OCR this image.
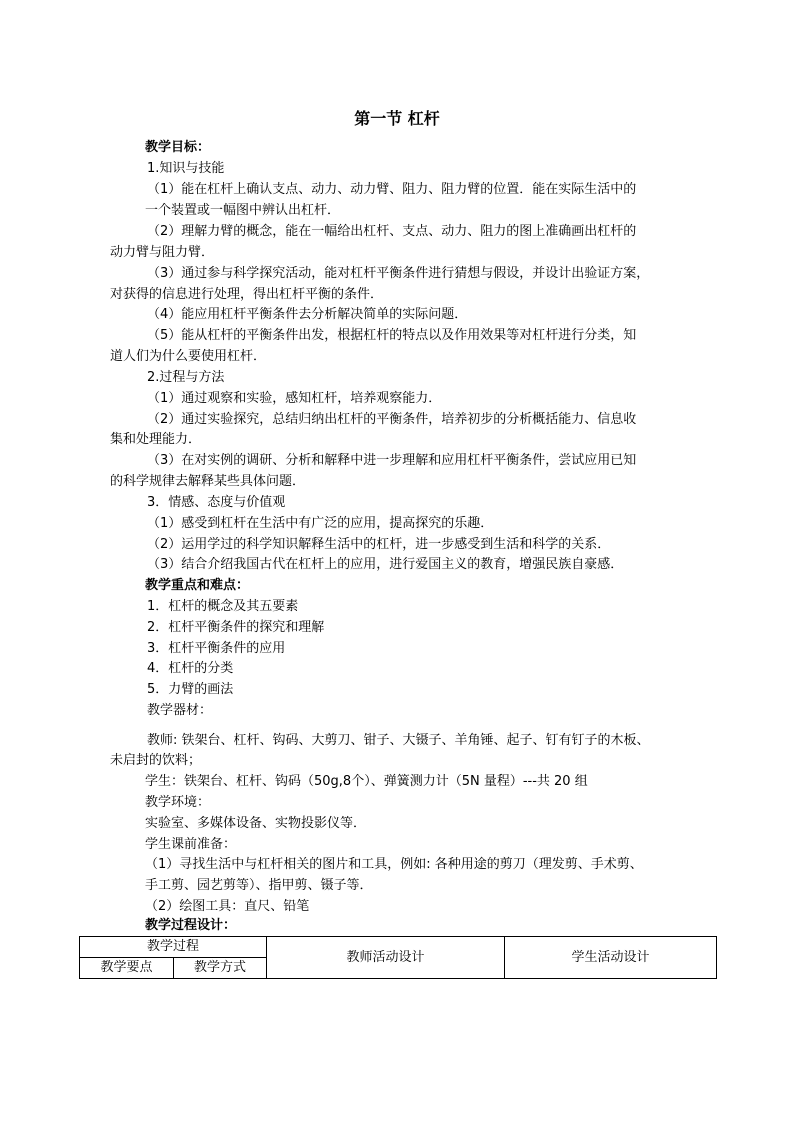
第一节 杠杆
教学目标：
1.知识与技能
（1）能在杠杆上确认支点、动力、动力臂、阻力、阻力臂的位置．能在实际生活中的
一个装置或一幅图中辨认出杠杆．
（2）理解力臂的概念，能在一幅给出杠杆、支点、动力、阻力的图上准确画出杠杆的
动力臂与阻力臂．
（3）通过参与科学探究活动，能对杠杆平衡条件进行猜想与假设，并设计出验证方案，
对获得的信息进行处理，得出杠杆平衡的条件．
（4）能应用杠杆平衡条件去分析解决简单的实际问题．
（5）能从杠杆的平衡条件出发，根据杠杆的特点以及作用效果等对杠杆进行分类，知
道人们为什么要使用杠杆．
2.过程与方法
（1）通过观察和实验，感知杠杆，培养观察能力．
（2）通过实验探究，总结归纳出杠杆的平衡条件，培养初步的分析概括能力、信息收
集和处理能力．
（3）在对实例的调研、分析和解释中进一步理解和应用杠杆平衡条件，尝试应用已知
的科学规律去解释某些具体问题．
3．情感、态度与价值观
（1）感受到杠杆在生活中有广泛的应用，提高探究的乐趣．
（2）运用学过的科学知识解释生活中的杠杆，进一步感受到生活和科学的关系．
（3）结合介绍我国古代在杠杆上的应用，进行爱国主义的教育，增强民族自豪感．
教学重点和难点：
1．杠杆的概念及其五要素
2．杠杆平衡条件的探究和理解
3．杠杆平衡条件的应用
4．杠杆的分类
5．力臂的画法
教学器材：
教师: 铁架台、杠杆、钩码、大剪刀、钳子、大镊子、羊角锤、起子、钉有钉子的木板、
未启封的饮料；
学生：铁架台、杠杆、钩码（50g,8个）、弹簧测力计（5N 量程）---共 20 组
教学环境：
实验室、多媒体设备、实物投影仪等．
学生课前准备：
（1）寻找生活中与杠杆相关的图片和工具，例如: 各种用途的剪刀（理发剪、手术剪、
手工剪、园艺剪等）、指甲剪、镊子等．
（2）绘图工具：直尺、铅笔
教学过程设计：
教学过程		教师活动设计	学生活动设计
教学要点	教学方式		
